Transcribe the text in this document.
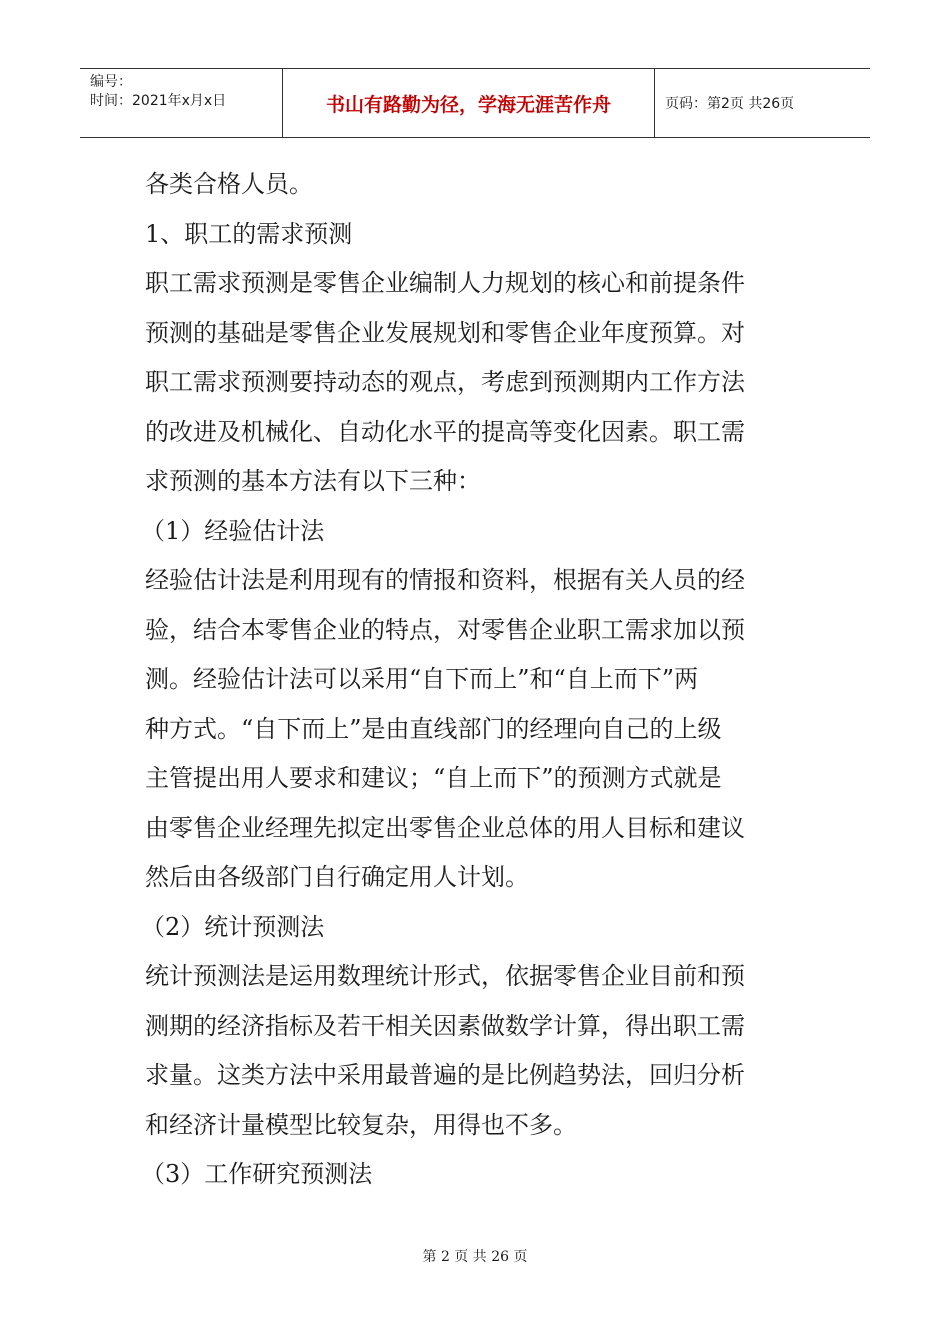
编号：
时间：2021年x月x日	书山有路勤为径，学海无涯苦作舟	页码：第2页 共26页

各类合格人员。

1、职工的需求预测

职工需求预测是零售企业编制人力规划的核心和前提条件

预测的基础是零售企业发展规划和零售企业年度预算。对

职工需求预测要持动态的观点，考虑到预测期内工作方法

的改进及机械化、自动化水平的提高等变化因素。职工需

求预测的基本方法有以下三种：

（1）经验估计法

经验估计法是利用现有的情报和资料，根据有关人员的经

验，结合本零售企业的特点，对零售企业职工需求加以预

测。经验估计法可以采用“自下而上”和“自上而下”两

种方式。“自下而上”是由直线部门的经理向自己的上级

主管提出用人要求和建议；“自上而下”的预测方式就是

由零售企业经理先拟定出零售企业总体的用人目标和建议

然后由各级部门自行确定用人计划。

（2）统计预测法

统计预测法是运用数理统计形式，依据零售企业目前和预

测期的经济指标及若干相关因素做数学计算，得出职工需

求量。这类方法中采用最普遍的是比例趋势法，回归分析

和经济计量模型比较复杂，用得也不多。

（3）工作研究预测法

第 2 页 共 26 页
